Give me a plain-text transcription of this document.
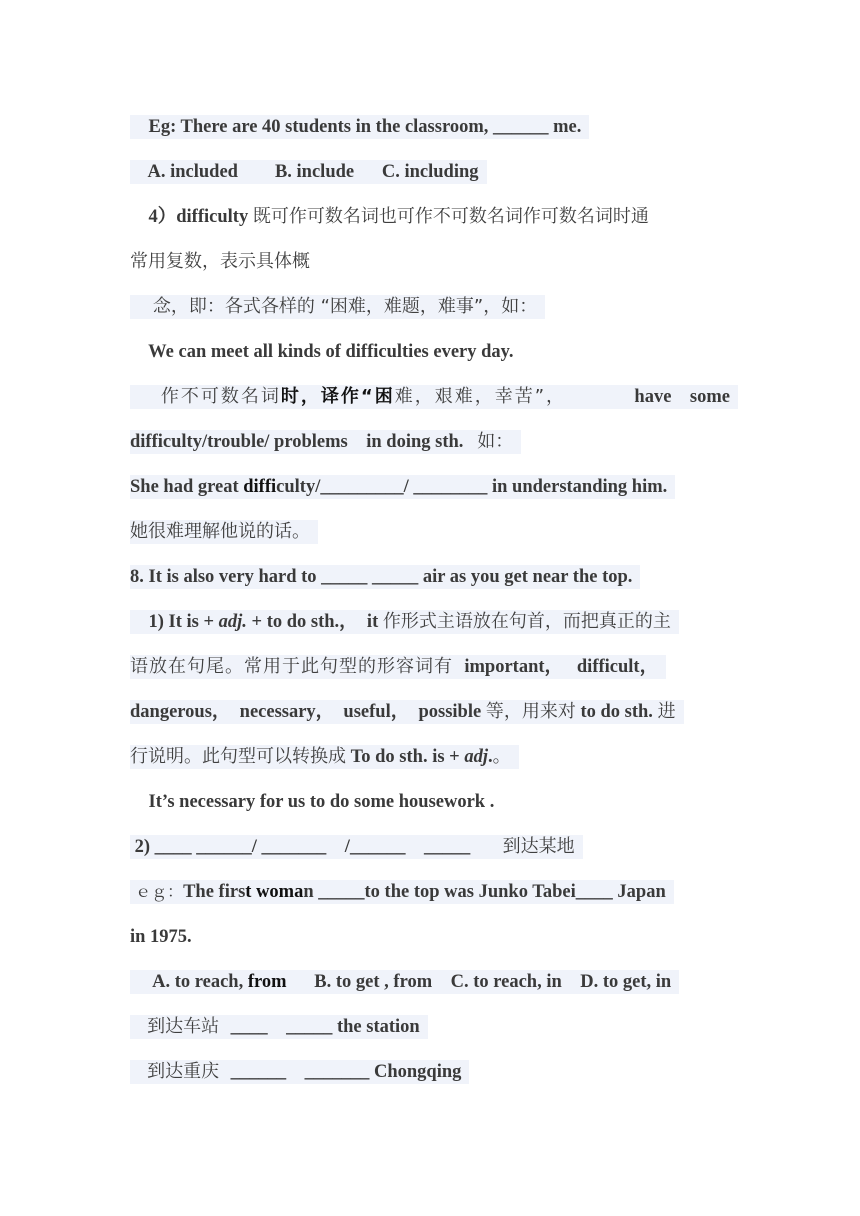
Eg: There are 40 students in the classroom, ______ me.
A. included        B. include      C. including
4）difficulty 既可作可数名词也可作不可数名词作可数名词时通
常用复数，表示具体概
念，即：各式各样的 “困难，难题，难事”，如：
We can meet all kinds of difficulties every day.
作不可数名词时，译作“困难，艰难，幸苦”，	have    some
difficulty/trouble/ problems    in doing sth.   如：
She had great difficulty/_________/ ________ in understanding him.
她很难理解他说的话。
8. It is also very hard to _____ _____ air as you get near the top.
1) It is + adj. + to do sth.，  it 作形式主语放在句首，而把真正的主
语放在句尾。常用于此句型的形容词有  important，   difficult，
dangerous，  necessary，  useful，  possible 等，用来对 to do sth. 进
行说明。此句型可以转换成 To do sth. is + adj.。
It’s necessary for us to do some housework .
2) ____ ______/ _______    /______    _____       到达某地
ｅｇ：The first woman _____to the top was Junko Tabei____ Japan
in 1975.
A. to reach, from      B. to get , from    C. to reach, in    D. to get, in
到达车站  ____    _____ the station
到达重庆  ______    _______ Chongqing
